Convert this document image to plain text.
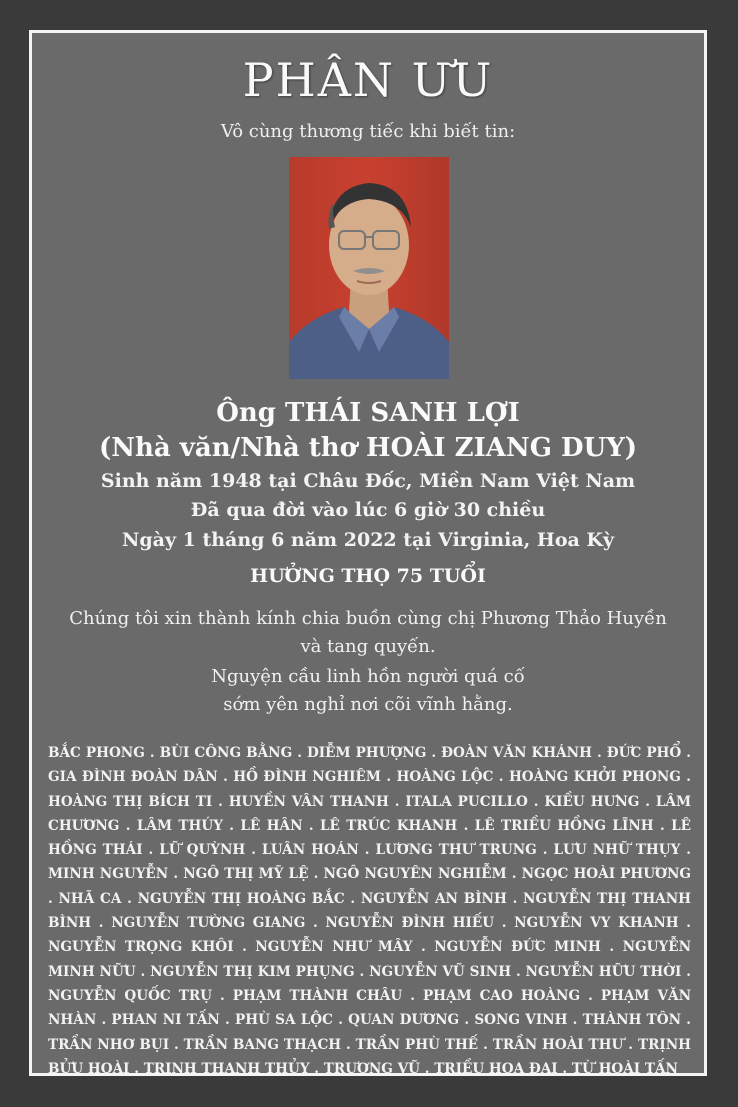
PHÂN ƯU
Vô cùng thương tiếc khi biết tin:
Ông THÁI SANH LỢI
(Nhà văn/Nhà thơ HOÀI ZIANG DUY)
Sinh năm 1948 tại Châu Đốc, Miền Nam Việt Nam
Đã qua đời vào lúc 6 giờ 30 chiều
Ngày 1 tháng 6 năm 2022 tại Virginia, Hoa Kỳ
HƯỞNG THỌ 75 TUỔI
Chúng tôi xin thành kính chia buồn cùng chị Phương Thảo Huyền
và tang quyến.
Nguyện cầu linh hồn người quá cố
sớm yên nghỉ nơi cõi vĩnh hằng.
BẮC PHONG . BÙI CÔNG BẰNG . DIỄM PHƯỢNG . ĐOÀN VĂN KHÁNH . ĐỨC PHỔ . GIA ĐÌNH ĐOÀN DÂN . HỒ ĐÌNH NGHIÊM . HOÀNG LỘC . HOÀNG KHỞI PHONG . HOÀNG THỊ BÍCH TI . HUYỀN VÂN THANH . ITALA PUCILLO . KIỀU HƯNG . LÂM CHƯƠNG . LÂM THÚY . LÊ HÂN . LÊ TRÚC KHANH . LÊ TRIỀU HỒNG LĨNH . LÊ HỒNG THÁI . LỮ QUỲNH . LUÂN HOÁN . LƯƠNG THƯ TRUNG . LƯU NHỮ THỤY . MINH NGUYỄN . NGÔ THỊ MỸ LỆ . NGÔ NGUYÊN NGHIỄM . NGỌC HOÀI PHƯƠNG . NHÃ CA . NGUYỄN THỊ HOÀNG BẮC . NGUYỄN AN BÌNH . NGUYỄN THỊ THANH BÌNH . NGUYỄN TƯỜNG GIANG . NGUYỄN ĐÌNH HIẾU . NGUYỄN VY KHANH . NGUYỄN TRỌNG KHÔI . NGUYỄN NHƯ MÂY . NGUYỄN ĐỨC MINH . NGUYỄN MINH NỮU . NGUYỄN THỊ KIM PHỤNG . NGUYỄN VŨ SINH . NGUYỄN HỮU THỜI . NGUYỄN QUỐC TRỤ . PHẠM THÀNH CHÂU . PHẠM CAO HOÀNG . PHẠM VĂN NHÀN . PHAN NI TẤN . PHÙ SA LỘC . QUAN DƯƠNG . SONG VINH . THÀNH TÔN . TRẦN NHƠ BỤI . TRẦN BANG THẠCH . TRẦN PHÙ THẾ . TRẦN HOÀI THƯ . TRỊNH BỬU HOÀI . TRỊNH THANH THỦY . TRƯƠNG VŨ . TRIỀU HOA ĐẠI . TỪ HOÀI TẤN
